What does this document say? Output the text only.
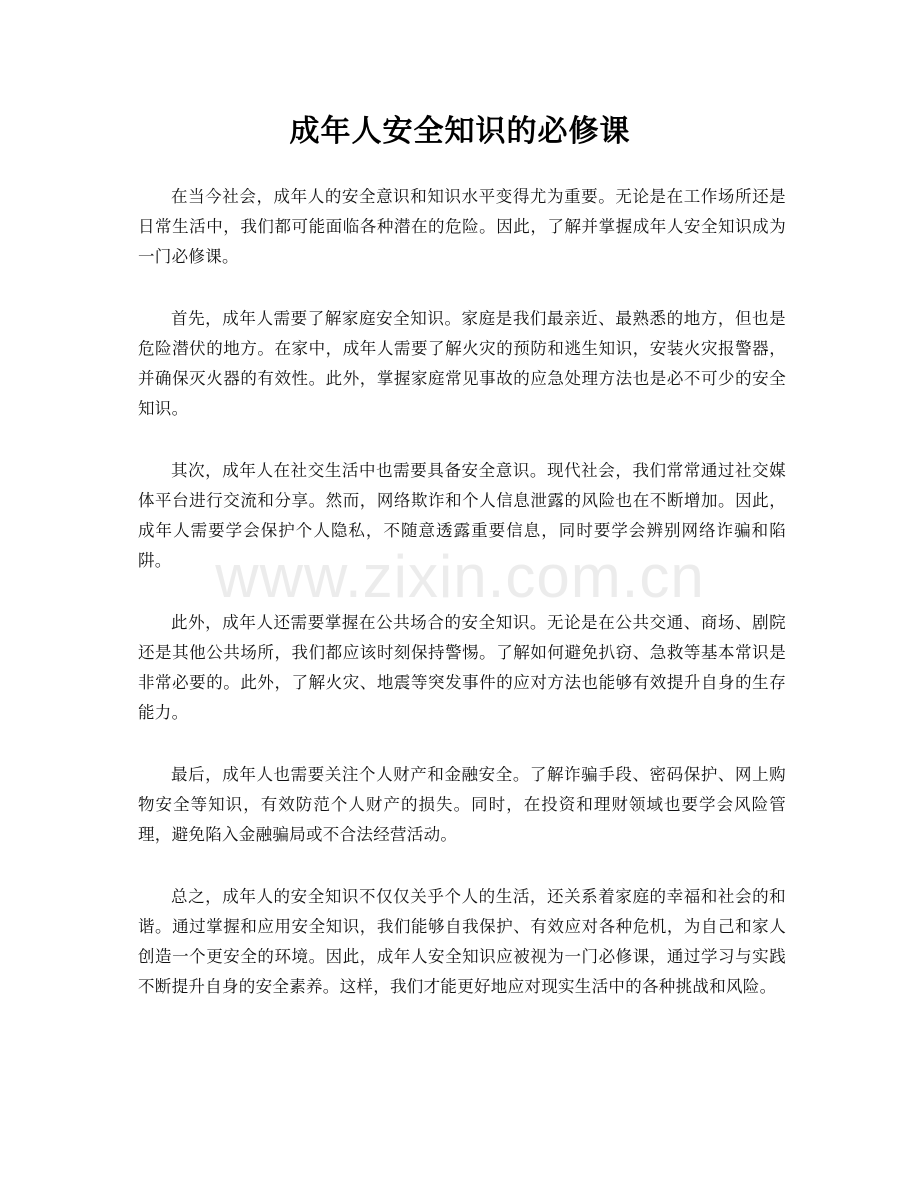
成年人安全知识的必修课

在当今社会，成年人的安全意识和知识水平变得尤为重要。无论是在工作场所还是日常生活中，我们都可能面临各种潜在的危险。因此，了解并掌握成年人安全知识成为一门必修课。

首先，成年人需要了解家庭安全知识。家庭是我们最亲近、最熟悉的地方，但也是危险潜伏的地方。在家中，成年人需要了解火灾的预防和逃生知识，安装火灾报警器，并确保灭火器的有效性。此外，掌握家庭常见事故的应急处理方法也是必不可少的安全知识。

其次，成年人在社交生活中也需要具备安全意识。现代社会，我们常常通过社交媒体平台进行交流和分享。然而，网络欺诈和个人信息泄露的风险也在不断增加。因此，成年人需要学会保护个人隐私，不随意透露重要信息，同时要学会辨别网络诈骗和陷阱。

此外，成年人还需要掌握在公共场合的安全知识。无论是在公共交通、商场、剧院还是其他公共场所，我们都应该时刻保持警惕。了解如何避免扒窃、急救等基本常识是非常必要的。此外，了解火灾、地震等突发事件的应对方法也能够有效提升自身的生存能力。

最后，成年人也需要关注个人财产和金融安全。了解诈骗手段、密码保护、网上购物安全等知识，有效防范个人财产的损失。同时，在投资和理财领域也要学会风险管理，避免陷入金融骗局或不合法经营活动。

总之，成年人的安全知识不仅仅关乎个人的生活，还关系着家庭的幸福和社会的和谐。通过掌握和应用安全知识，我们能够自我保护、有效应对各种危机，为自己和家人创造一个更安全的环境。因此，成年人安全知识应被视为一门必修课，通过学习与实践不断提升自身的安全素养。这样，我们才能更好地应对现实生活中的各种挑战和风险。

www.zixin.com.cn
